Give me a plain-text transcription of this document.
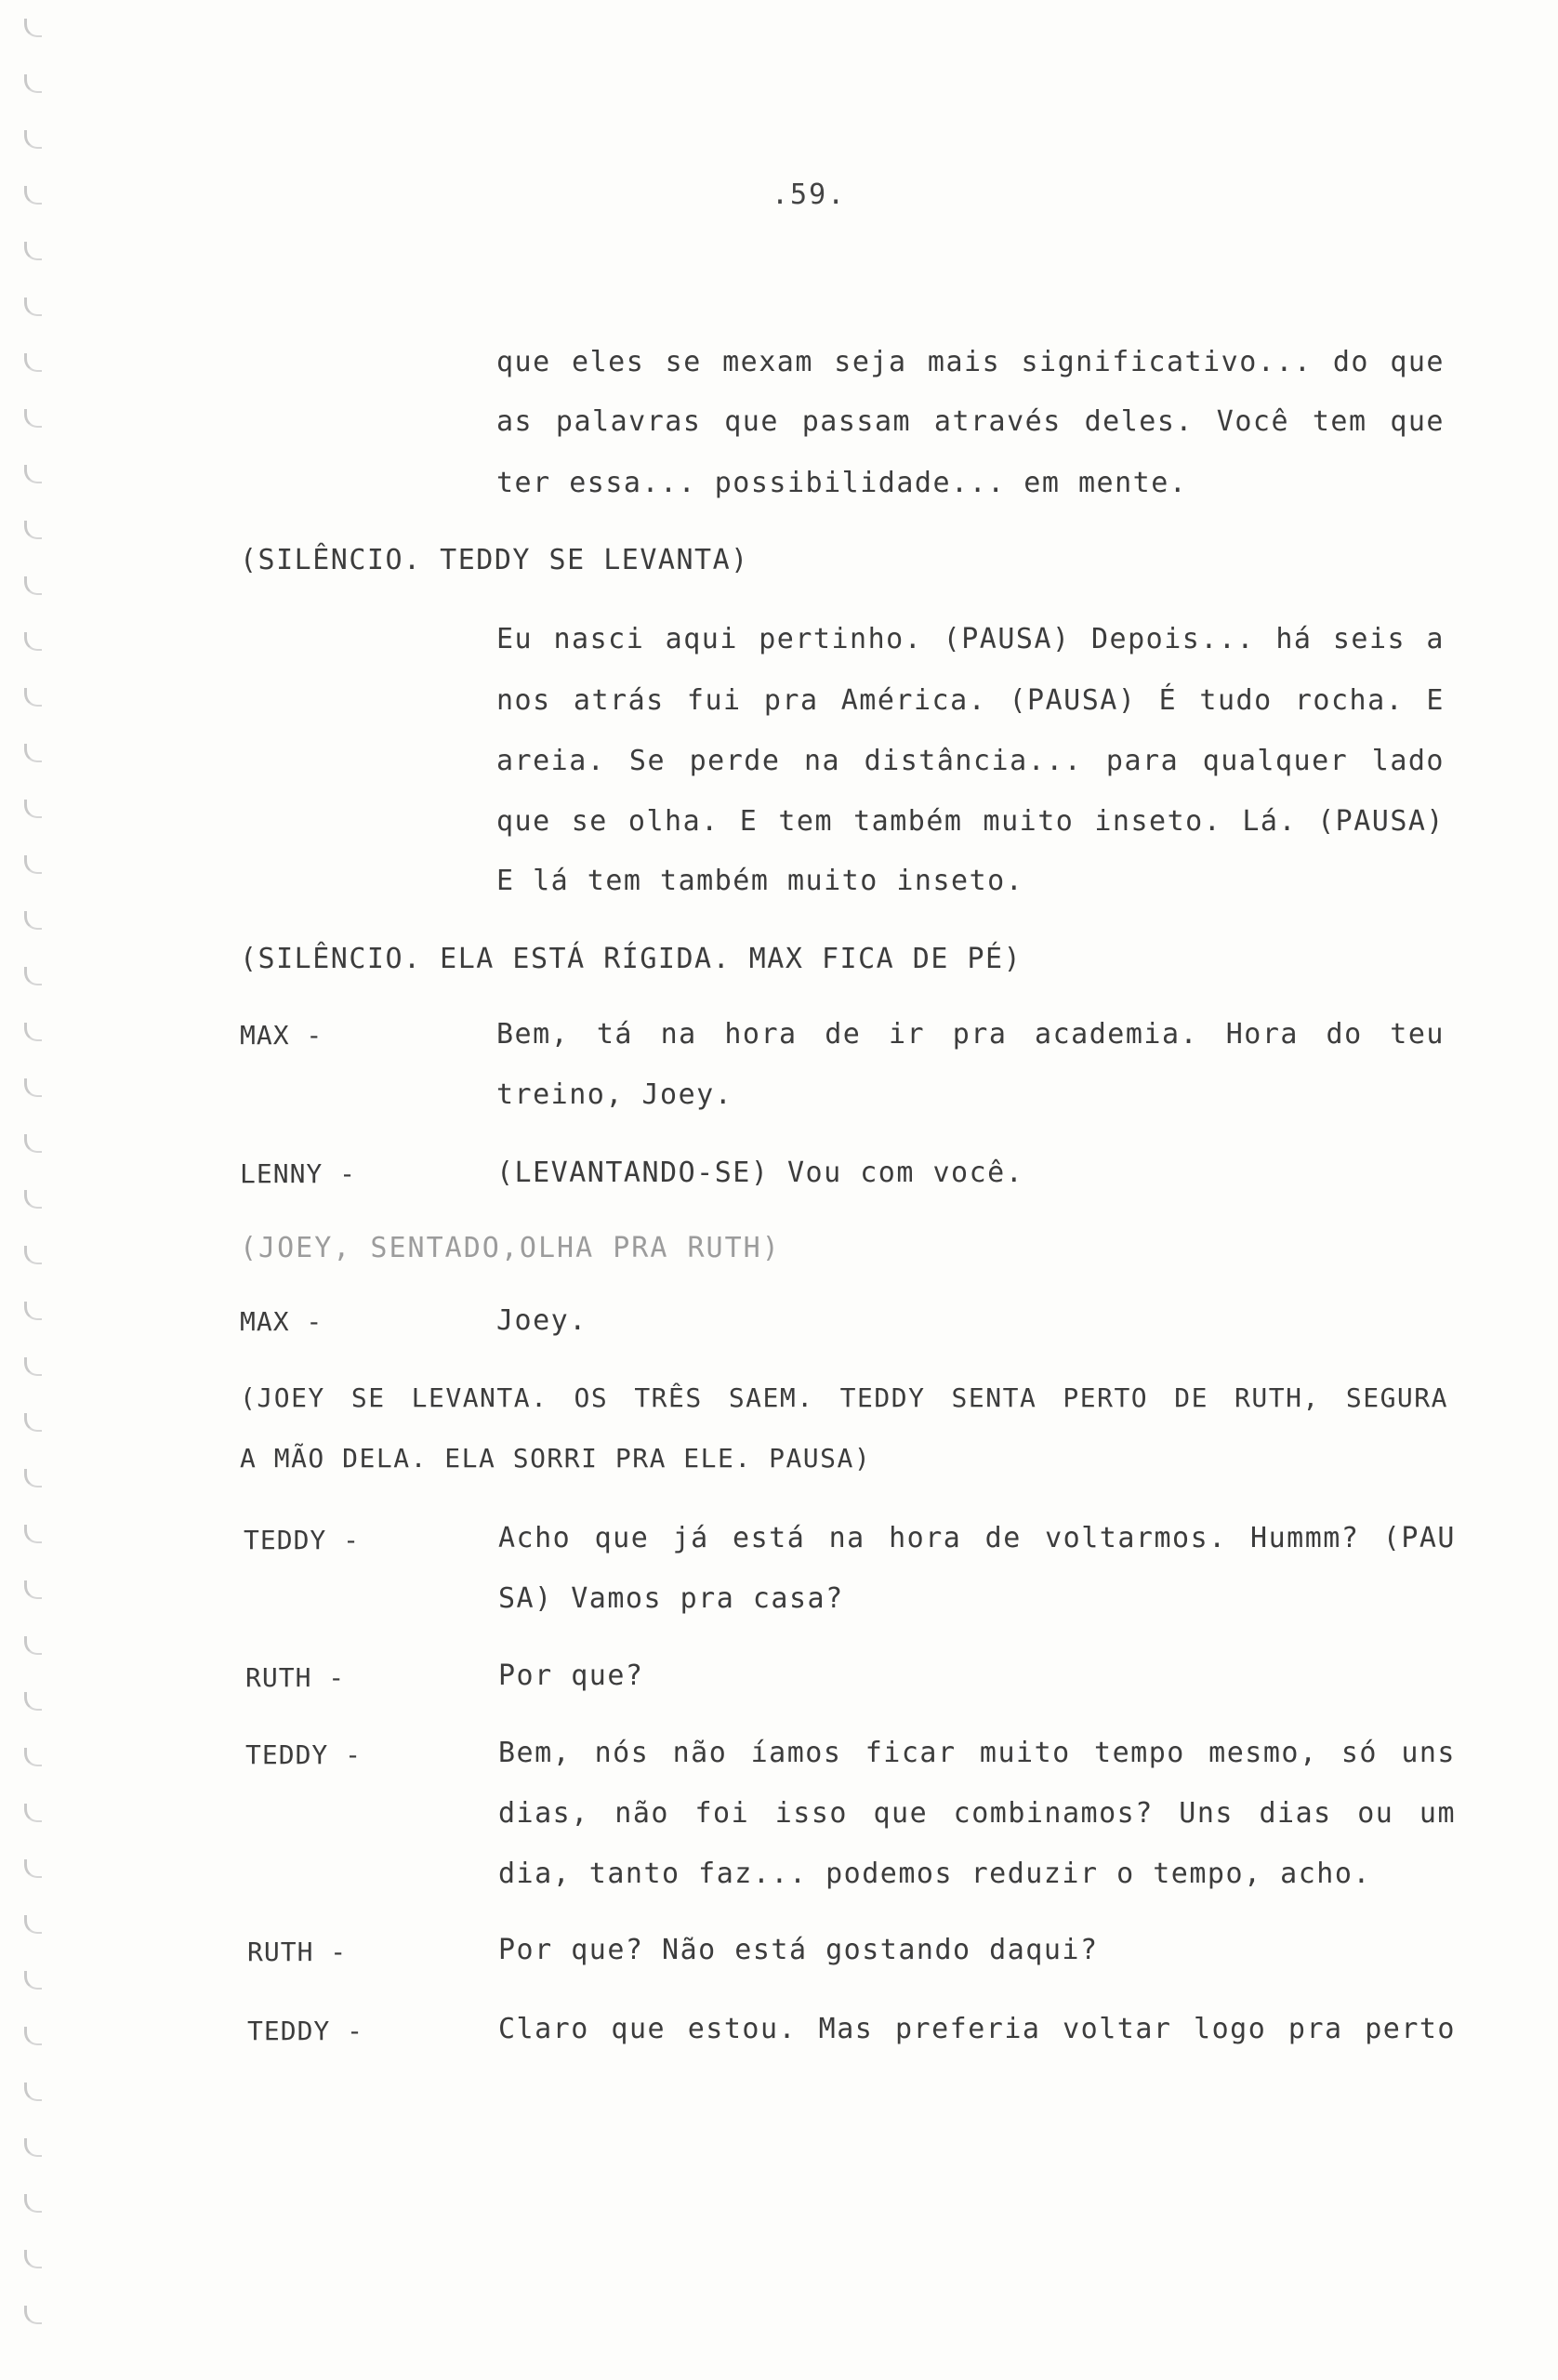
.59.
que eles se mexam seja mais significativo... do que
as palavras que passam através deles. Você tem que
ter essa... possibilidade... em mente.
(SILÊNCIO. TEDDY SE LEVANTA)
Eu nasci aqui pertinho. (PAUSA) Depois... há seis a
nos atrás fui pra América. (PAUSA) É tudo rocha. E
areia. Se perde na distância... para qualquer lado
que se olha. E tem também muito inseto. Lá. (PAUSA)
E lá tem também muito inseto.
(SILÊNCIO. ELA ESTÁ RÍGIDA. MAX FICA DE PÉ)
MAX -	Bem, tá na hora de ir pra academia. Hora do teu
treino, Joey.
LENNY -	(LEVANTANDO-SE) Vou com você.
(JOEY, SENTADO,OLHA PRA RUTH)
MAX -	Joey.
(JOEY SE LEVANTA. OS TRÊS SAEM. TEDDY SENTA PERTO DE RUTH, SEGURA
A MÃO DELA. ELA SORRI PRA ELE. PAUSA)
TEDDY -	Acho que já está na hora de voltarmos. Hummm? (PAU
SA) Vamos pra casa?
RUTH -	Por que?
TEDDY -	Bem, nós não íamos ficar muito tempo mesmo, só uns
dias, não foi isso que combinamos? Uns dias ou um
dia, tanto faz... podemos reduzir o tempo, acho.
RUTH -	Por que? Não está gostando daqui?
TEDDY -	Claro que estou. Mas preferia voltar logo pra perto
